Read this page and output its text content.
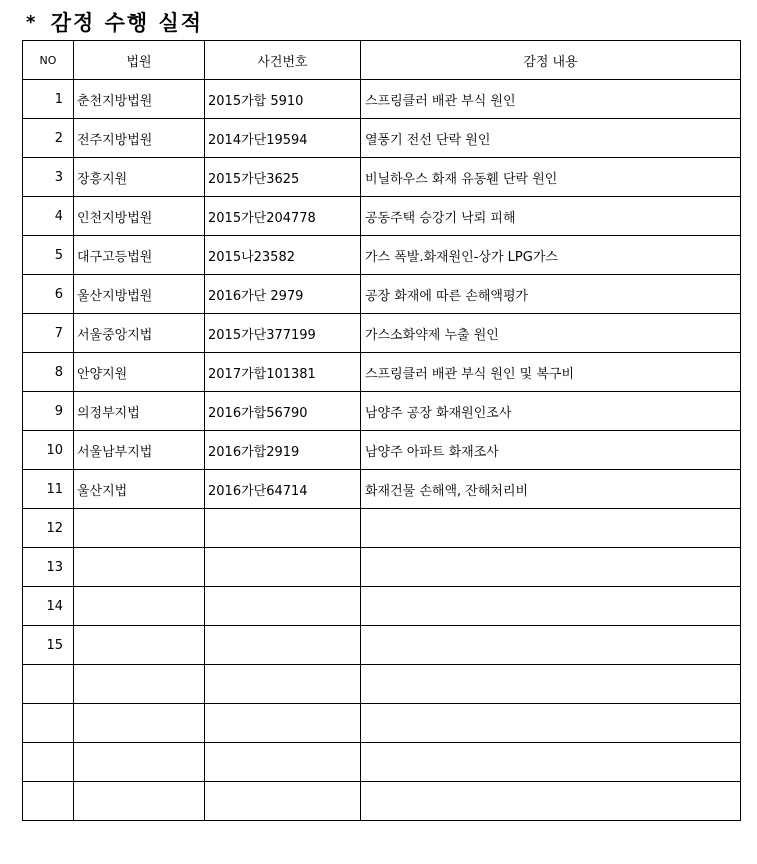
* 감정 수행 실적
NO	법원	사건번호	감정 내용
1	춘천지방법원	2015가합 5910	스프링클러 배관 부식 원인
2	전주지방법원	2014가단19594	열풍기 전선 단락 원인
3	장흥지원	2015가단3625	비닐하우스 화재 유동휀 단락 원인
4	인천지방법원	2015가단204778	공동주택 승강기 낙뢰 피해
5	대구고등법원	2015나23582	가스 폭발.화재원인-상가 LPG가스
6	울산지방법원	2016가단 2979	공장 화재에 따른 손해액평가
7	서울중앙지법	2015가단377199	가스소화약제 누출 원인
8	안양지원	2017가합101381	스프링클러 배관 부식 원인 및 복구비
9	의정부지법	2016가합56790	남양주 공장 화재원인조사
10	서울남부지법	2016가합2919	남양주 아파트 화재조사
11	울산지법	2016가단64714	화재건물 손해액, 잔해처리비
12			
13			
14			
15			
